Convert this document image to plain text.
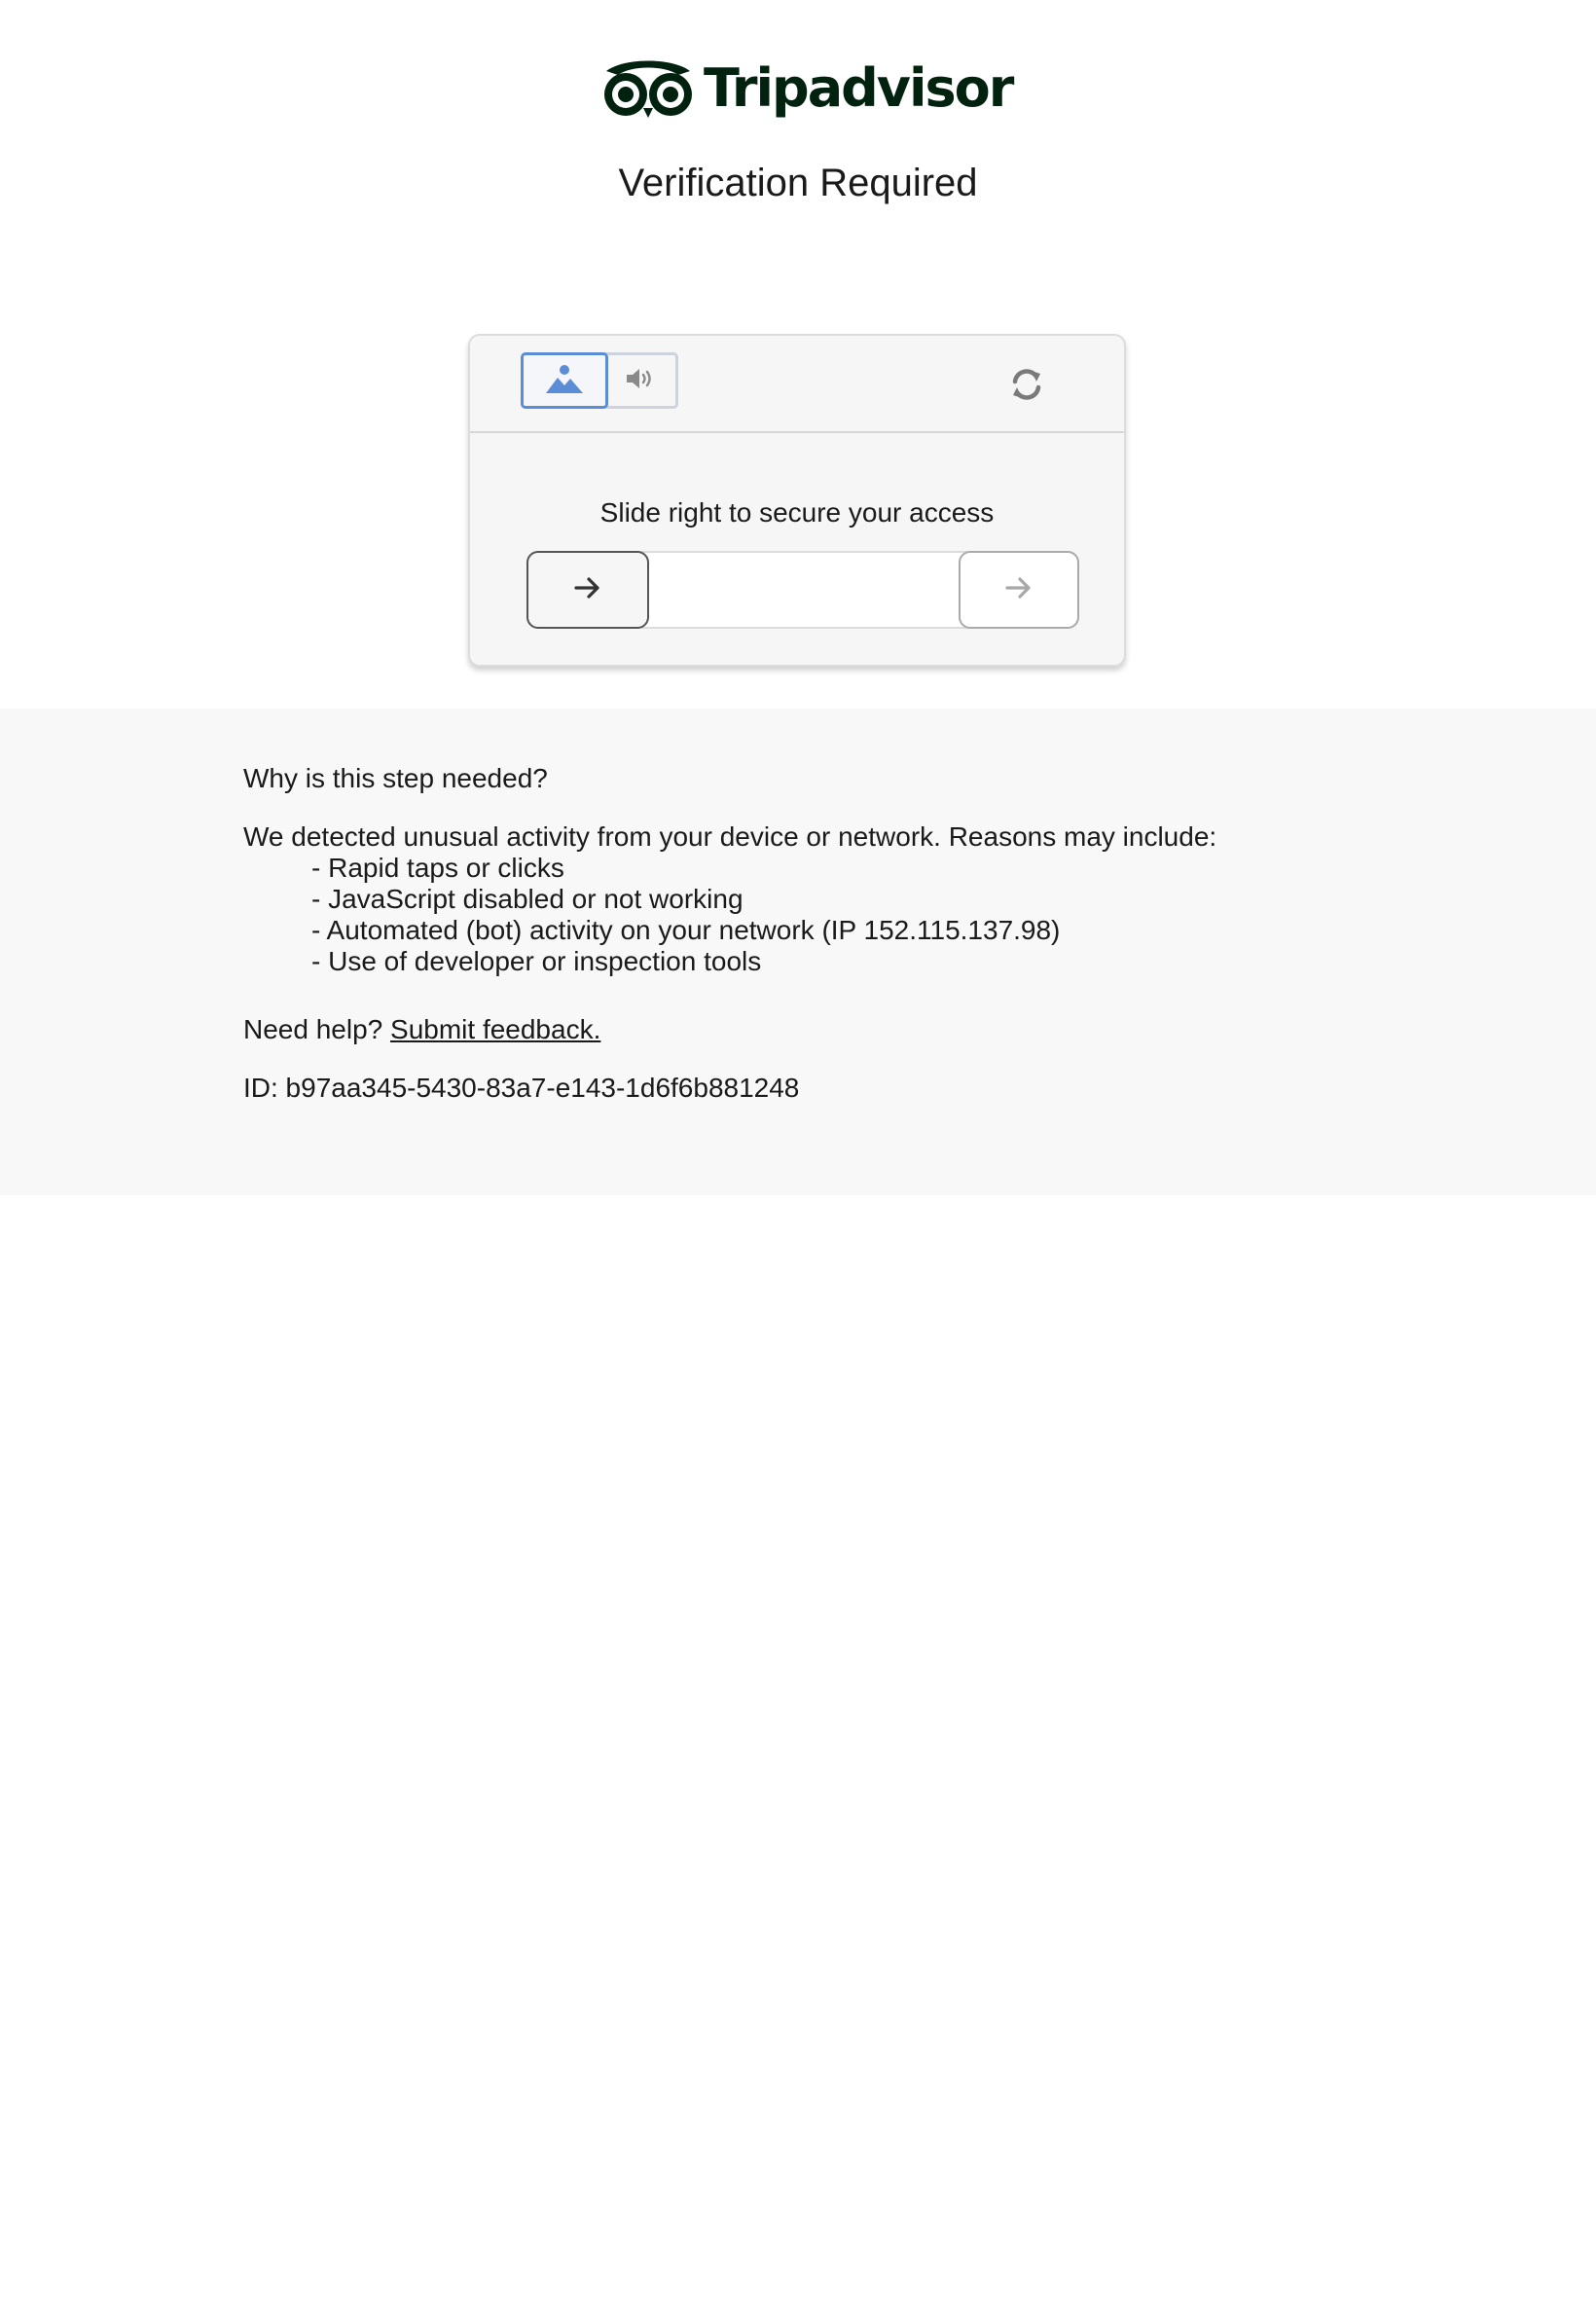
Tripadvisor
Verification Required
Slide right to secure your access

Why is this step needed?

We detected unusual activity from your device or network. Reasons may include:

- Rapid taps or clicks
- JavaScript disabled or not working
- Automated (bot) activity on your network (IP 152.115.137.98)
- Use of developer or inspection tools

Need help? Submit feedback.

ID: b97aa345-5430-83a7-e143-1d6f6b881248
